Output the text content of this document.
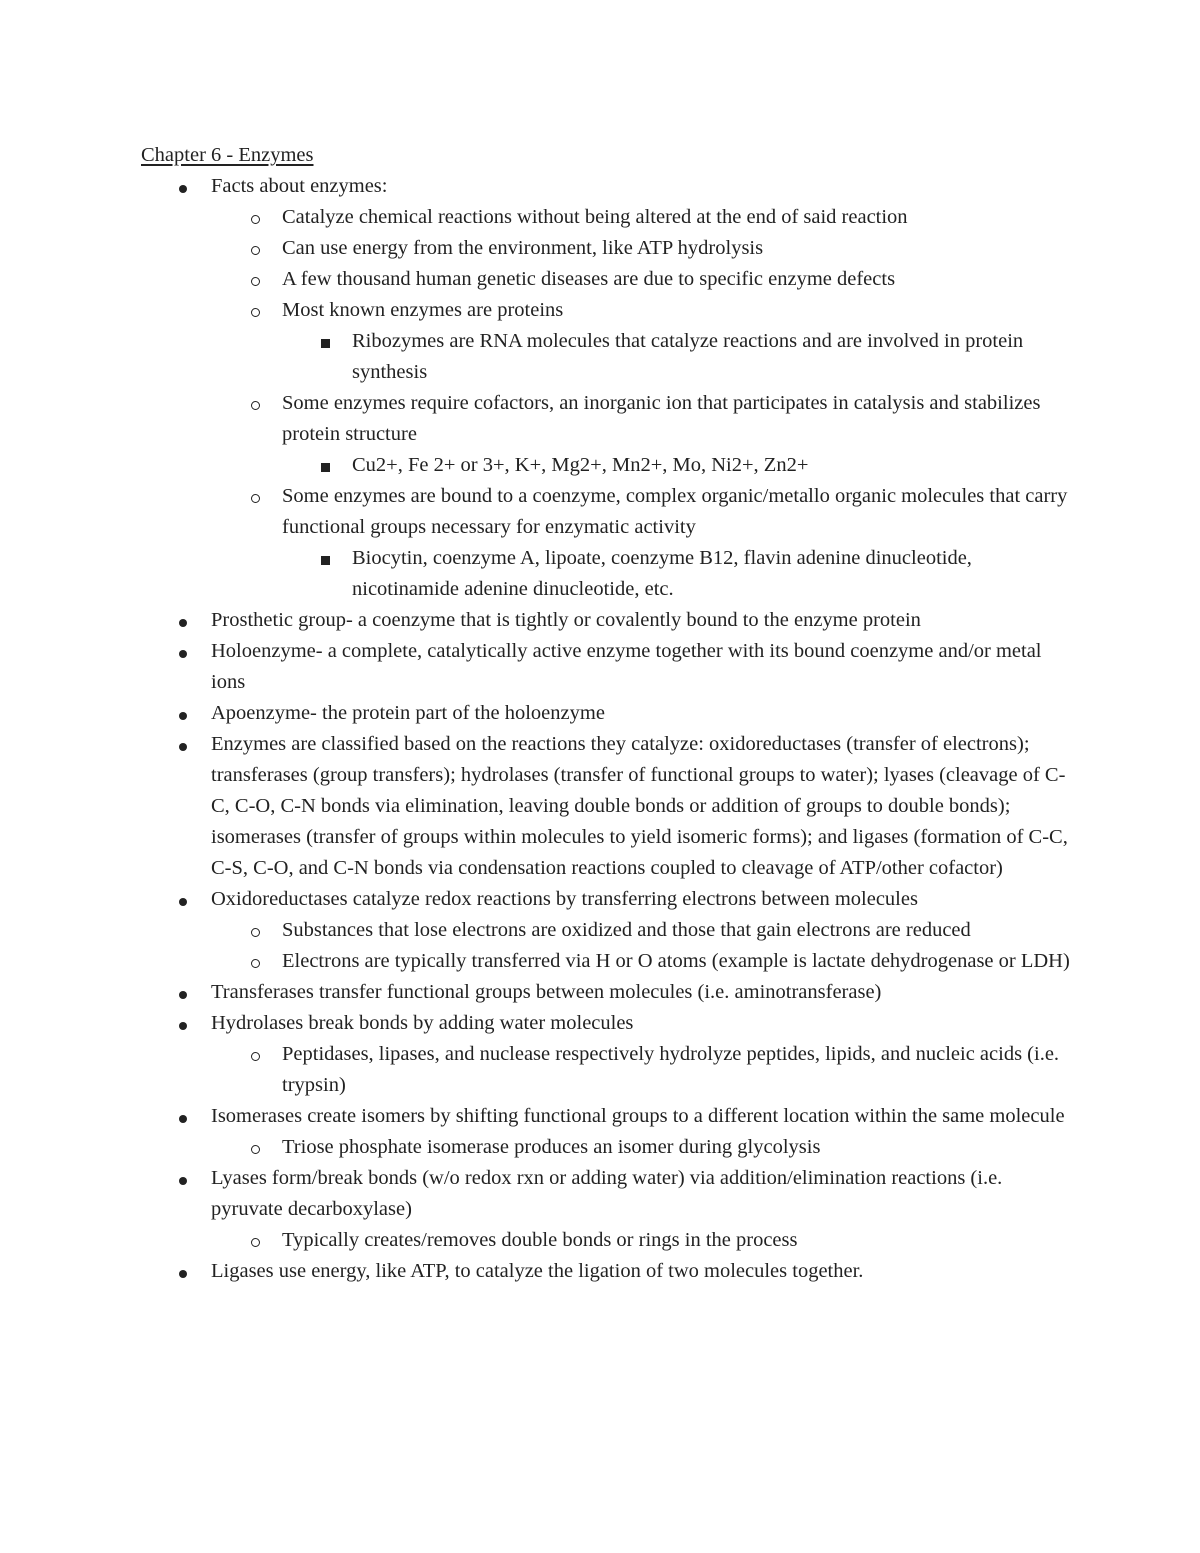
Chapter 6 - Enzymes
Facts about enzymes:
Catalyze chemical reactions without being altered at the end of said reaction
Can use energy from the environment, like ATP hydrolysis
A few thousand human genetic diseases are due to specific enzyme defects
Most known enzymes are proteins
Ribozymes are RNA molecules that catalyze reactions and are involved in protein synthesis
Some enzymes require cofactors, an inorganic ion that participates in catalysis and stabilizes protein structure
Cu2+, Fe 2+ or 3+, K+, Mg2+, Mn2+, Mo, Ni2+, Zn2+
Some enzymes are bound to a coenzyme, complex organic/metallo organic molecules that carry functional groups necessary for enzymatic activity
Biocytin, coenzyme A, lipoate, coenzyme B12, flavin adenine dinucleotide, nicotinamide adenine dinucleotide, etc.
Prosthetic group- a coenzyme that is tightly or covalently bound to the enzyme protein
Holoenzyme- a complete, catalytically active enzyme together with its bound coenzyme and/or metal ions
Apoenzyme- the protein part of the holoenzyme
Enzymes are classified based on the reactions they catalyze: oxidoreductases (transfer of electrons); transferases (group transfers); hydrolases (transfer of functional groups to water); lyases (cleavage of C-C, C-O, C-N bonds via elimination, leaving double bonds or addition of groups to double bonds); isomerases (transfer of groups within molecules to yield isomeric forms); and ligases (formation of C-C, C-S, C-O, and C-N bonds via condensation reactions coupled to cleavage of ATP/other cofactor)
Oxidoreductases catalyze redox reactions by transferring electrons between molecules
Substances that lose electrons are oxidized and those that gain electrons are reduced
Electrons are typically transferred via H or O atoms (example is lactate dehydrogenase or LDH)
Transferases transfer functional groups between molecules (i.e. aminotransferase)
Hydrolases break bonds by adding water molecules
Peptidases, lipases, and nuclease respectively hydrolyze peptides, lipids, and nucleic acids (i.e. trypsin)
Isomerases create isomers by shifting functional groups to a different location within the same molecule
Triose phosphate isomerase produces an isomer during glycolysis
Lyases form/break bonds (w/o redox rxn or adding water) via addition/elimination reactions (i.e. pyruvate decarboxylase)
Typically creates/removes double bonds or rings in the process
Ligases use energy, like ATP, to catalyze the ligation of two molecules together.
